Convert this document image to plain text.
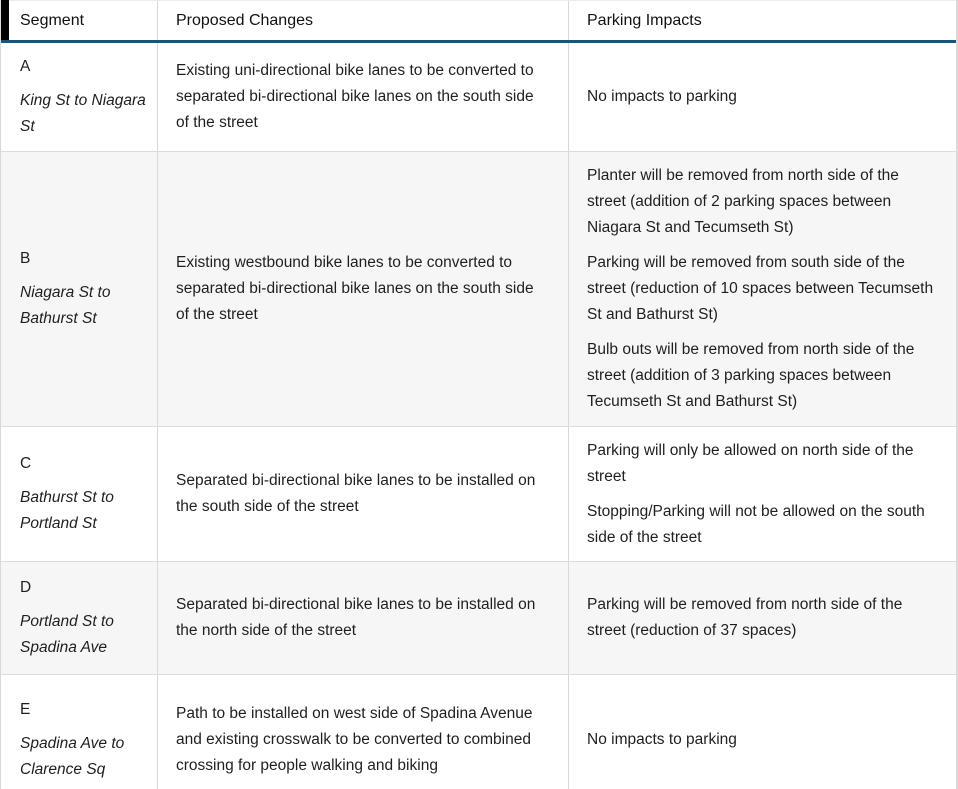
Segment	Proposed Changes	Parking Impacts

A

King St to Niagara St

Existing uni-directional bike lanes to be converted to separated bi-directional bike lanes on the south side of the street

No impacts to parking

B

Niagara St to Bathurst St

Existing westbound bike lanes to be converted to separated bi-directional bike lanes on the south side of the street

Planter will be removed from north side of the street (addition of 2 parking spaces between Niagara St and Tecumseth St)

Parking will be removed from south side of the street (reduction of 10 spaces between Tecumseth St and Bathurst St)

Bulb outs will be removed from north side of the street (addition of 3 parking spaces between Tecumseth St and Bathurst St)

C

Bathurst St to Portland St

Separated bi-directional bike lanes to be installed on the south side of the street

Parking will only be allowed on north side of the street

Stopping/Parking will not be allowed on the south side of the street

D

Portland St to Spadina Ave

Separated bi-directional bike lanes to be installed on the north side of the street

Parking will be removed from north side of the street (reduction of 37 spaces)

E

Spadina Ave to Clarence Sq

Path to be installed on west side of Spadina Avenue and existing crosswalk to be converted to combined crossing for people walking and biking

No impacts to parking
